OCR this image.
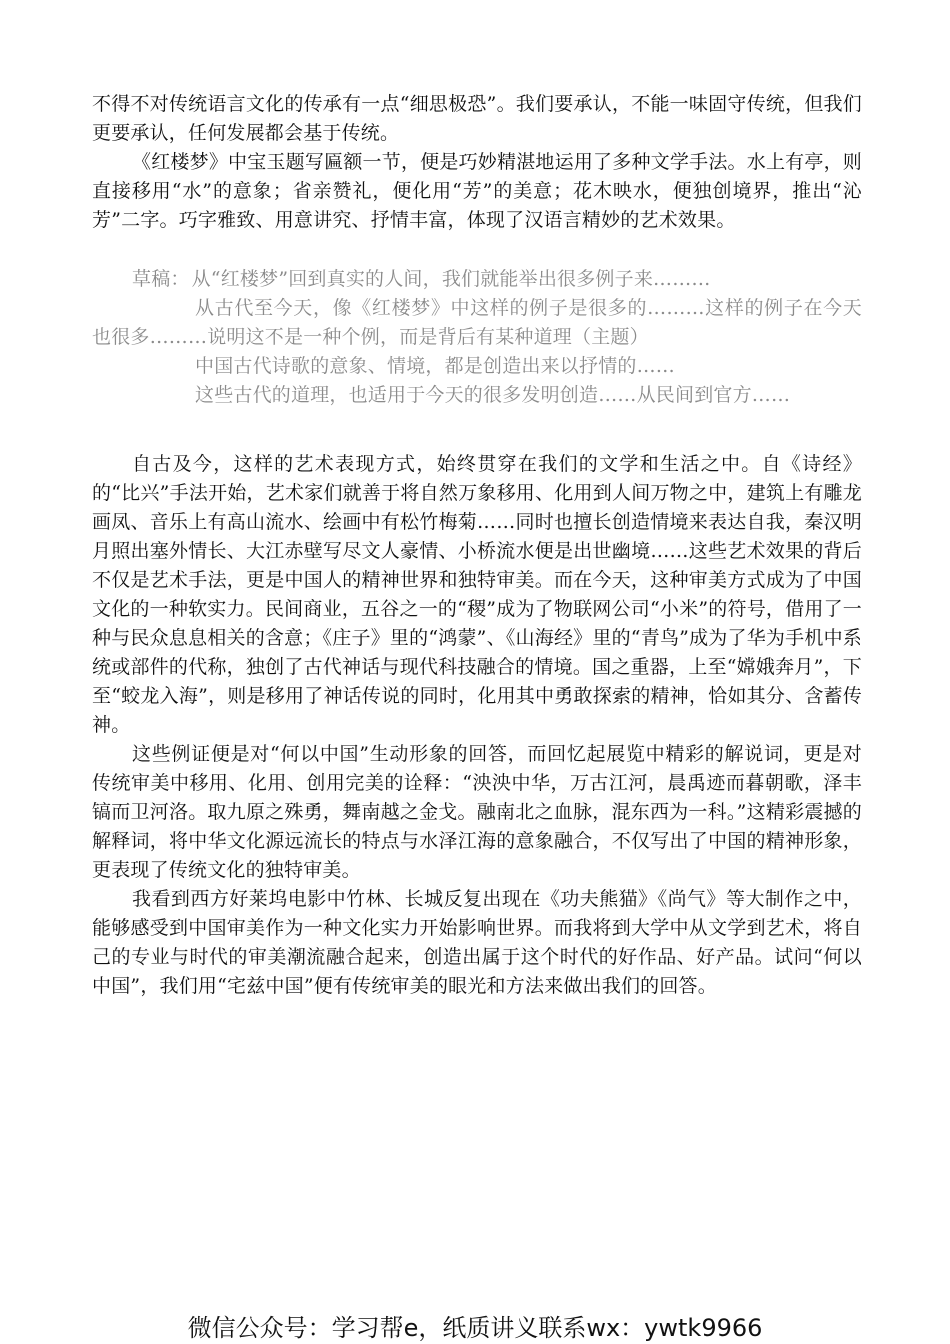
不得不对传统语言文化的传承有一点“细思极恐”。我们要承认，不能一味固守传统，但我们更要承认，任何发展都会基于传统。

《红楼梦》中宝玉题写匾额一节，便是巧妙精湛地运用了多种文学手法。水上有亭，则直接移用“水”的意象；省亲赞礼，便化用“芳”的美意；花木映水，便独创境界，推出“沁芳”二字。巧字雅致、用意讲究、抒情丰富，体现了汉语言精妙的艺术效果。

草稿： 从“红楼梦”回到真实的人间，我们就能举出很多例子来………

从古代至今天，像《红楼梦》中这样的例子是很多的………这样的例子在今天也很多………说明这不是一种个例，而是背后有某种道理（主题）

中国古代诗歌的意象、情境，都是创造出来以抒情的……

这些古代的道理，也适用于今天的很多发明创造……从民间到官方……

自古及今，这样的艺术表现方式，始终贯穿在我们的文学和生活之中。自《诗经》的“比兴”手法开始，艺术家们就善于将自然万象移用、化用到人间万物之中，建筑上有雕龙画凤、音乐上有高山流水、绘画中有松竹梅菊……同时也擅长创造情境来表达自我，秦汉明月照出塞外情长、大江赤壁写尽文人豪情、小桥流水便是出世幽境……这些艺术效果的背后不仅是艺术手法，更是中国人的精神世界和独特审美。而在今天，这种审美方式成为了中国文化的一种软实力。民间商业，五谷之一的“稷”成为了物联网公司“小米”的符号，借用了一种与民众息息相关的含意；《庄子》里的“鸿蒙”、《山海经》里的“青鸟”成为了华为手机中系统或部件的代称，独创了古代神话与现代科技融合的情境。国之重器，上至“嫦娥奔月”，下至“蛟龙入海”，则是移用了神话传说的同时，化用其中勇敢探索的精神，恰如其分、含蓄传神。

这些例证便是对“何以中国”生动形象的回答，而回忆起展览中精彩的解说词，更是对传统审美中移用、化用、创用完美的诠释：“泱泱中华，万古江河，晨禹迹而暮朝歌，泽丰镐而卫河洛。取九原之殊勇，舞南越之金戈。融南北之血脉，混东西为一科。”这精彩震撼的解释词，将中华文化源远流长的特点与水泽江海的意象融合，不仅写出了中国的精神形象，更表现了传统文化的独特审美。

我看到西方好莱坞电影中竹林、长城反复出现在《功夫熊猫》《尚气》等大制作之中，能够感受到中国审美作为一种文化实力开始影响世界。而我将到大学中从文学到艺术，将自己的专业与时代的审美潮流融合起来，创造出属于这个时代的好作品、好产品。试问“何以中国”，我们用“宅兹中国”便有传统审美的眼光和方法来做出我们的回答。

微信公众号：学习帮e，纸质讲义联系wx：ywtk9966
